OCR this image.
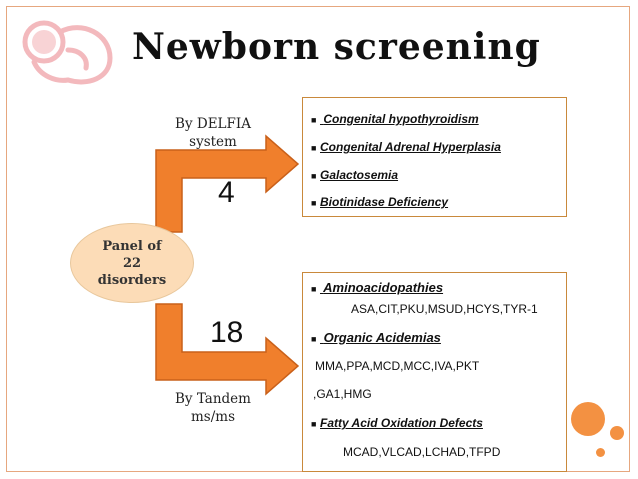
Newborn screening
By DELFIA
system
4
Panel of
22
disorders
18
By Tandem
ms/ms
■ Congenital hypothyroidism
■ Congenital Adrenal Hyperplasia
■ Galactosemia
■ Biotinidase Deficiency
■ Aminoacidopathies
ASA,CIT,PKU,MSUD,HCYS,TYR-1
■ Organic Acidemias
MMA,PPA,MCD,MCC,IVA,PKT
,GA1,HMG
■ Fatty Acid Oxidation Defects
MCAD,VLCAD,LCHAD,TFPD
